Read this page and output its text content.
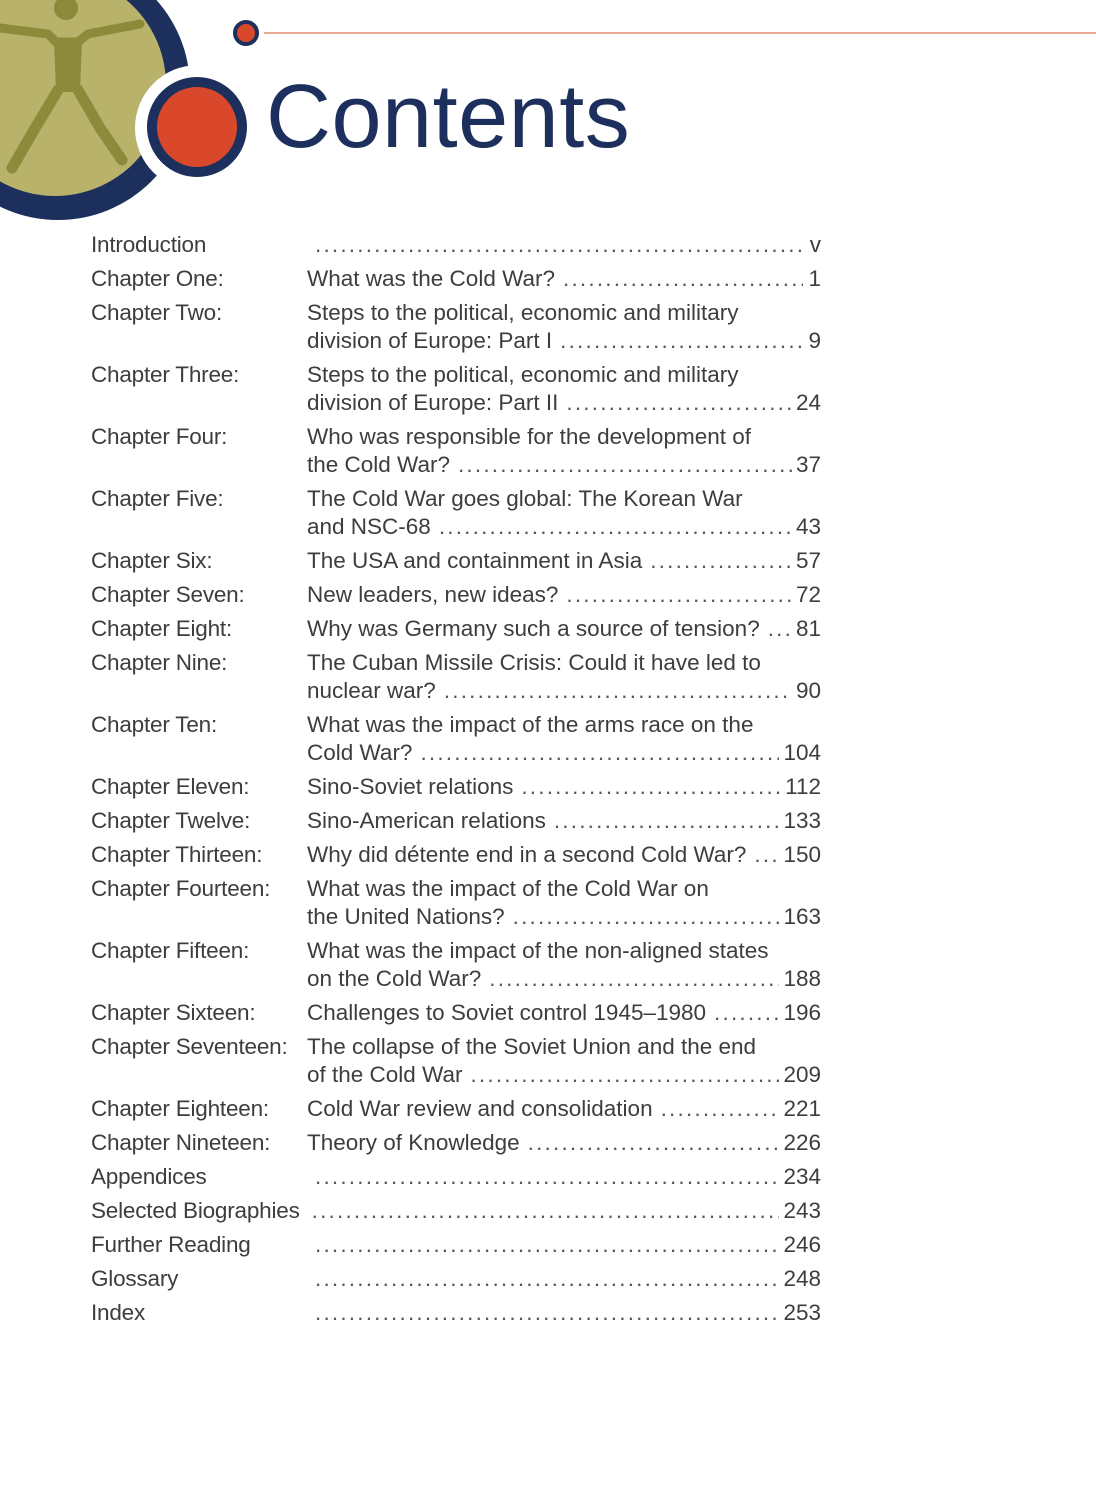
Contents
Introduction .....	v
Chapter One:	What was the Cold War? .....	1
Chapter Two:	Steps to the political, economic and military
division of Europe: Part I .....	9
Chapter Three:	Steps to the political, economic and military
division of Europe: Part II .....	24
Chapter Four:	Who was responsible for the development of
the Cold War? .....	37
Chapter Five:	The Cold War goes global: The Korean War
and NSC-68 .....	43
Chapter Six:	The USA and containment in Asia .....	57
Chapter Seven:	New leaders, new ideas? .....	72
Chapter Eight:	Why was Germany such a source of tension? ..... 81
Chapter Nine:	The Cuban Missile Crisis: Could it have led to
nuclear war? .....	90
Chapter Ten:	What was the impact of the arms race on the
Cold War? .....	104
Chapter Eleven:	Sino-Soviet relations .....	112
Chapter Twelve:	Sino-American relations .....	133
Chapter Thirteen:	Why did détente end in a second Cold War? ..... 150
Chapter Fourteen:	What was the impact of the Cold War on
the United Nations? .....	163
Chapter Fifteen:	What was the impact of the non-aligned states
on the Cold War? .....	188
Chapter Sixteen:	Challenges to Soviet control 1945–1980 .....	196
Chapter Seventeen: The collapse of the Soviet Union and the end
of the Cold War .....	209
Chapter Eighteen:	Cold War review and consolidation .....	221
Chapter Nineteen:	Theory of Knowledge .....	226
Appendices .....	234
Selected Biographies .....	243
Further Reading .....	246
Glossary .....	248
Index .....	253
